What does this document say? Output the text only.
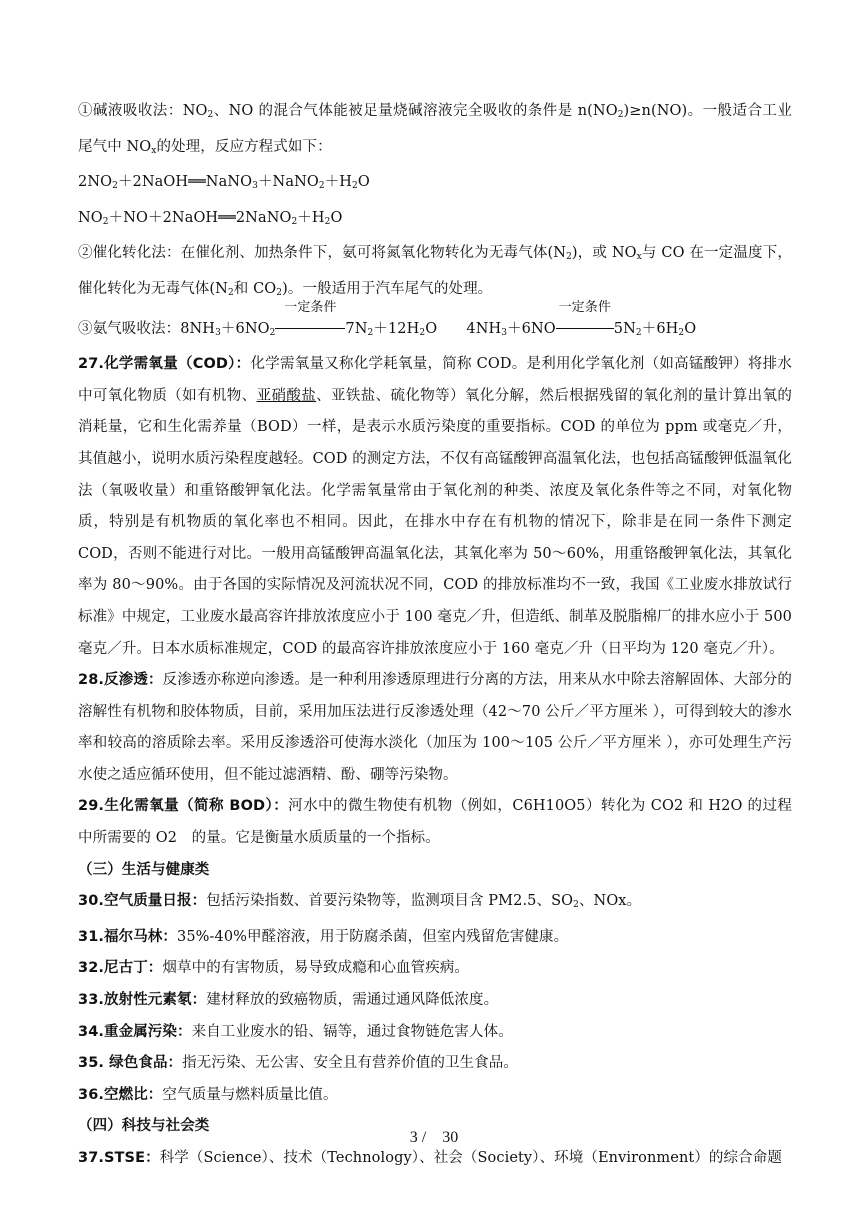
①碱液吸收法：$NO_2$、NO 的混合气体能被足量烧碱溶液完全吸收的条件是 $n(NO_2)\ge n(NO)$。一般适合工业尾气中 $NO_x$的处理，反应方程式如下：

$2NO_2+2NaOH══NaNO_3+NaNO_2+H_2O$

$NO_2+NO+2NaOH══2NaNO_2+H_2O$

②催化转化法：在催化剂、加热条件下，氨可将氮氧化物转化为无毒气体$(N_2)$，或 $NO_x$与 CO 在一定温度下，催化转化为无毒气体($N_2$和 $CO_2$)。一般适用于汽车尾气的处理。

③氨气吸收法：$8NH_3+6NO_2$
一定条件
$7N_2+12H_2O$　　$4NH_3+6NO$
一定条件
$5N_2+6H_2O$

27.化学需氧量（COD）：化学需氧量又称化学耗氧量，简称 COD。是利用化学氧化剂（如高锰酸钾）将排水中可氧化物质（如有机物、亚硝酸盐、亚铁盐、硫化物等）氧化分解，然后根据残留的氧化剂的量计算出氧的消耗量，它和生化需养量（BOD）一样，是表示水质污染度的重要指标。COD 的单位为 ppm 或毫克／升，其值越小，说明水质污染程度越轻。COD 的测定方法，不仅有高锰酸钾高温氧化法，也包括高锰酸钾低温氧化法（氧吸收量）和重铬酸钾氧化法。化学需氧量常由于氧化剂的种类、浓度及氧化条件等之不同，对氧化物质，特别是有机物质的氧化率也不相同。因此，在排水中存在有机物的情况下，除非是在同一条件下测定 COD，否则不能进行对比。一般用高锰酸钾高温氧化法，其氧化率为 50～60%，用重铬酸钾氧化法，其氧化率为 80～90%。由于各国的实际情况及河流状况不同，COD 的排放标准均不一致，我国《工业废水排放试行标准》中规定，工业废水最高容许排放浓度应小于 100 毫克／升，但造纸、制革及脱脂棉厂的排水应小于 500 毫克／升。日本水质标准规定，COD 的最高容许排放浓度应小于 160 毫克／升（日平均为 120 毫克／升）。

28.反渗透：反渗透亦称逆向渗透。是一种利用渗透原理进行分离的方法，用来从水中除去溶解固体、大部分的溶解性有机物和胶体物质，目前，采用加压法进行反渗透处理（42～70 公斤／平方厘米 ），可得到较大的渗水率和较高的溶质除去率。采用反渗透浴可使海水淡化（加压为 100～105 公斤／平方厘米 ），亦可处理生产污水使之适应循环使用，但不能过滤酒精、酚、硼等污染物。

29.生化需氧量（简称 BOD）：河水中的微生物使有机物（例如，C6H10O5）转化为 CO2 和 H2O 的过程中所需要的 O2　的量。它是衡量水质质量的一个指标。

（三）生活与健康类

30.空气质量日报：包括污染指数、首要污染物等，监测项目含 PM2.5、$SO_2$、NOx。

31.福尔马林：35%-40%甲醛溶液，用于防腐杀菌，但室内残留危害健康。

32.尼古丁：烟草中的有害物质，易导致成瘾和心血管疾病。

33.放射性元素氡：建材释放的致癌物质，需通过通风降低浓度。

34.重金属污染：来自工业废水的铅、镉等，通过食物链危害人体。

35. 绿色食品：指无污染、无公害、安全且有营养价值的卫生食品。

36.空燃比：空气质量与燃料质量比值。

（四）科技与社会类

37.STSE：科学（Science）、技术（Technology）、社会（Society）、环境（Environment）的综合命题

3 /　30
